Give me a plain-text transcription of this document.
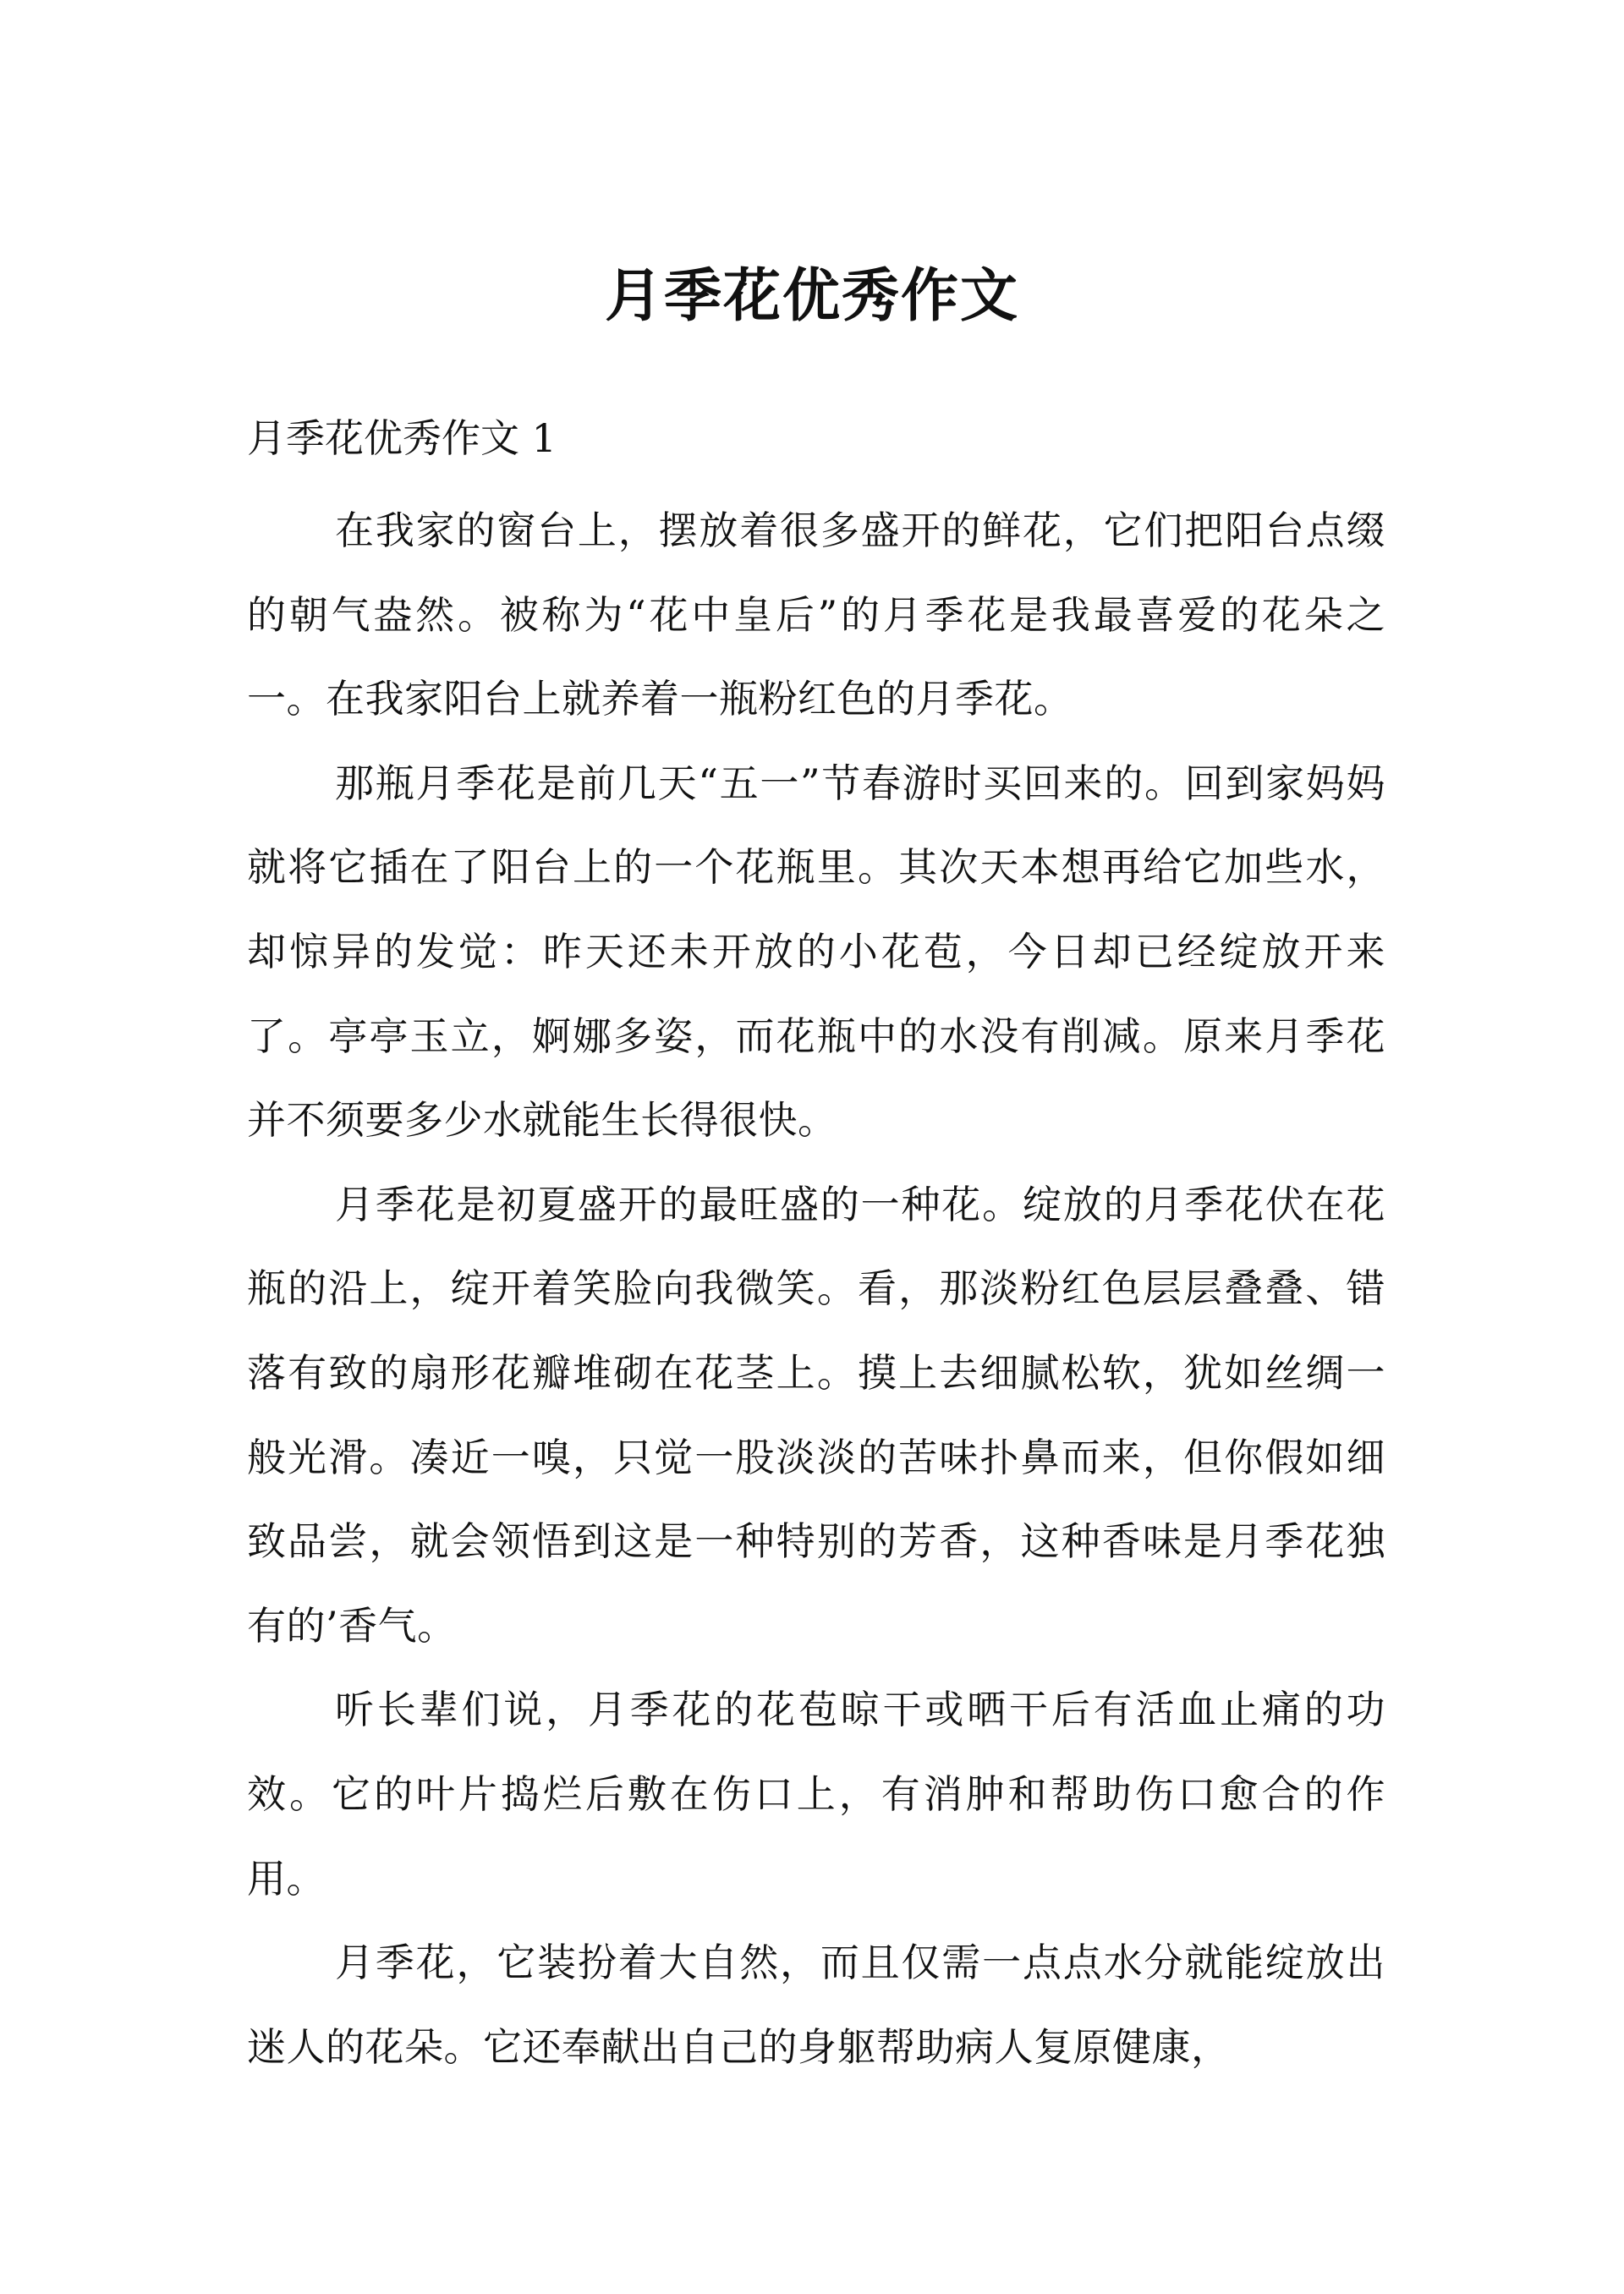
月季花优秀作文
月季花优秀作文 1

在我家的窗台上，摆放着很多盛开的鲜花，它们把阳台点缀的朝气盎然。被称为“花中皇后”的月季花是我最喜爱的花朵之一。在我家阳台上就养着一瓶粉红色的月季花。

那瓶月季花是前几天“五一”节春游时买回来的。回到家妈妈就将它插在了阳台上的一个花瓶里。其次天本想再给它加些水，却惊异的发觉：昨天还未开放的小花苞，今日却已经绽放开来了。亭亭玉立，婀娜多姿，而花瓶中的水没有削减。原来月季花并不须要多少水就能生长得很快。

月季花是初夏盛开的最旺盛的一种花。绽放的月季花伏在花瓶的沿上，绽开着笑脸向我微笑。看，那淡粉红色层层叠叠、错落有致的扇形花瓣堆砌在花茎上。摸上去细腻松软，犹如丝绸一般光滑。凑近一嗅，只觉一股淡淡的苦味扑鼻而来，但你假如细致品尝，就会领悟到这是一种特别的芳香，这种香味是月季花独有的’香气。

听长辈们说，月季花的花苞晾干或晒干后有活血止痛的功效。它的叶片捣烂后敷在伤口上，有消肿和帮助伤口愈合的作用。

月季花，它装扮着大自然，而且仅需一点点水分就能绽放出迷人的花朵。它还奉献出自己的身躯帮助病人复原健康，
